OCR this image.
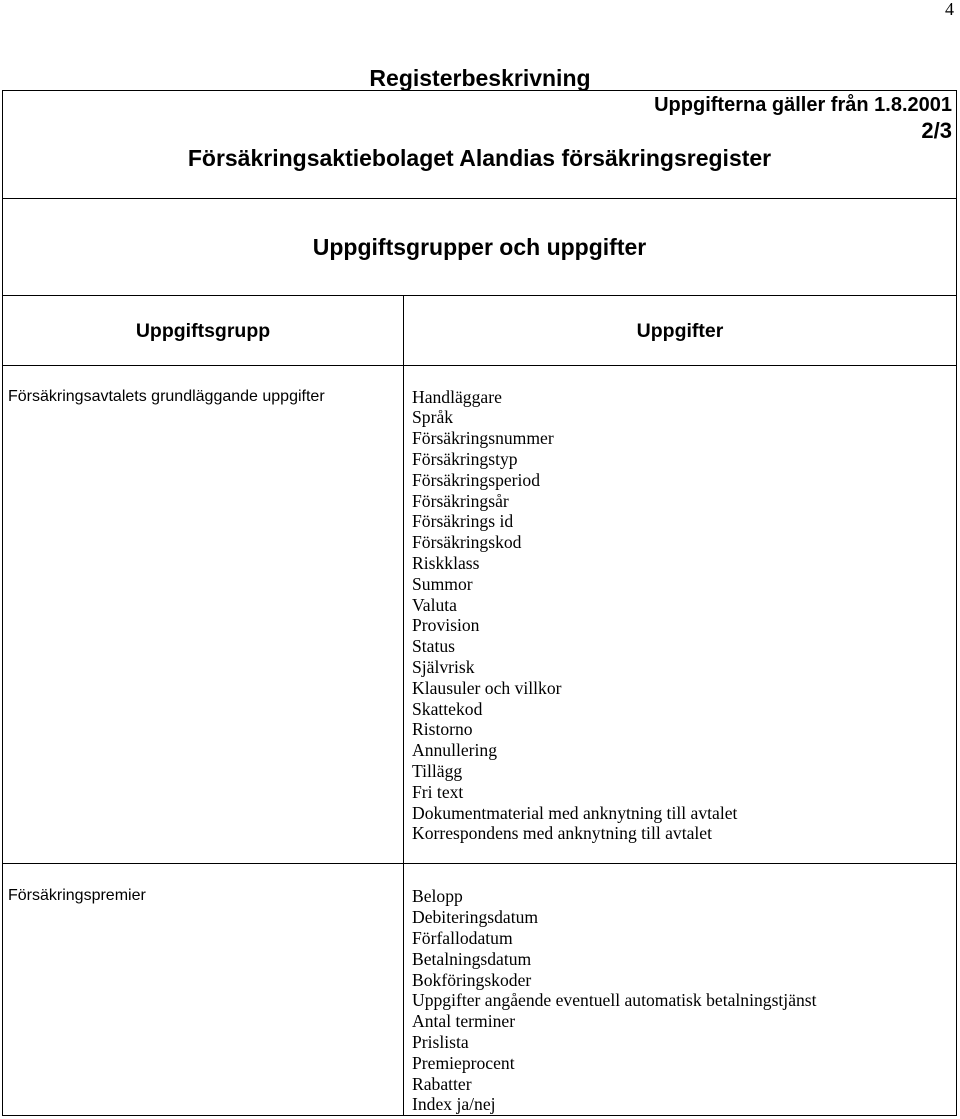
4
Registerbeskrivning
Uppgifterna gäller från 1.8.2001
2/3
Försäkringsaktiebolaget Alandias försäkringsregister
Uppgiftsgrupper och uppgifter
Uppgiftsgrupp	Uppgifter
Försäkringsavtalets grundläggande uppgifter	Handläggare
Språk
Försäkringsnummer
Försäkringstyp
Försäkringsperiod
Försäkringsår
Försäkrings id
Försäkringskod
Riskklass
Summor
Valuta
Provision
Status
Självrisk
Klausuler och villkor
Skattekod
Ristorno
Annullering
Tillägg
Fri text
Dokumentmaterial med anknytning till avtalet
Korrespondens med anknytning till avtalet
Försäkringspremier	Belopp
Debiteringsdatum
Förfallodatum
Betalningsdatum
Bokföringskoder
Uppgifter angående eventuell automatisk betalningstjänst
Antal terminer
Prislista
Premieprocent
Rabatter
Index ja/nej
